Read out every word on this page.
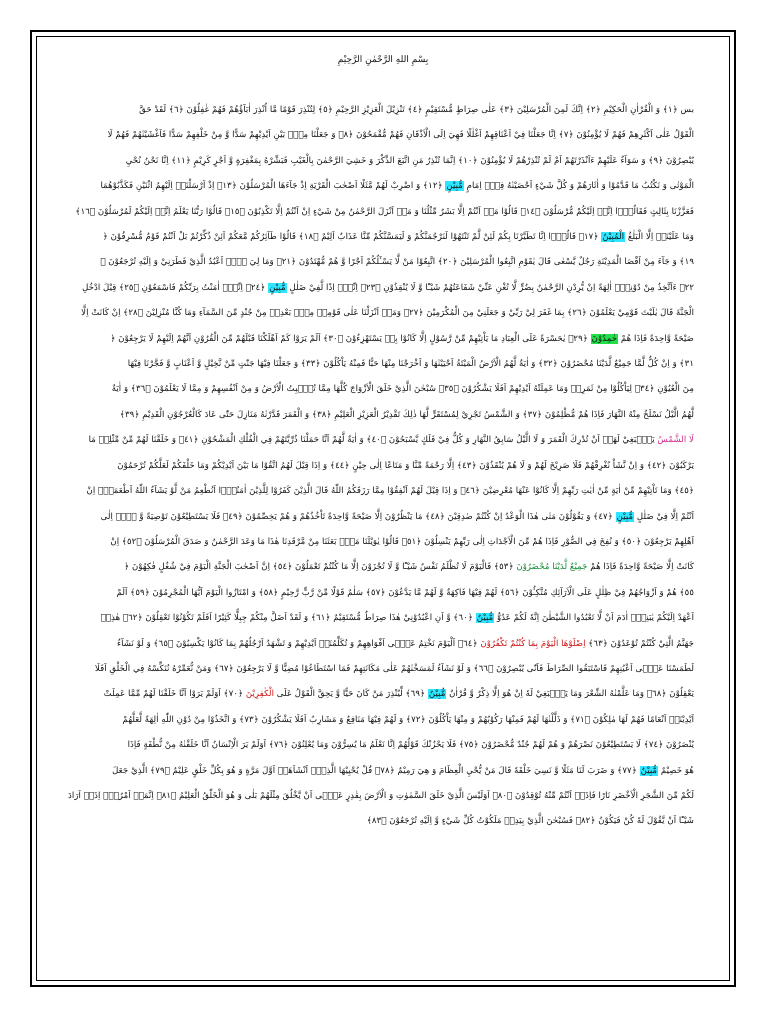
بِسْمِ اللهِ الرَّحْمٰنِ الرَّحِيْمِ
بس ﴿١﴾ وَ الْقُرْاٰنِ الْحَكِيْمِ ﴿٢﴾ اِنَّكَ لَمِنَ الْمُرْسَلِيْنَ ﴿٣﴾ عَلٰى صِرَاطٍ مُّسْتَقِيْمٍ ﴿٤﴾ تَنْزِيْلَ الْعَزِيْزِ الرَّحِيْمِ ﴿٥﴾ لِتُنْذِرَ قَوْمًا مَّا اُنْذِرَ اٰبَآؤُهُمْ فَهُمْ غٰفِلُوْنَ ﴿٦﴾ لَقَدْ حَقَّ
الْقَوْلُ عَلٰى اَكْثَرِهِمْ فَهُمْ لَا يُؤْمِنُوْنَ ﴿٧﴾ اِنَّا جَعَلْنَا فِيْ اَعْنَاقِهِمْ اَغْلٰلًا فَهِيَ اِلَى الْاَذْقَانِ فَهُمْ مُّقْمَحُوْنَ ﴿٨﴾ وَ جَعَلْنَا مِنْۢ بَيْنِ اَيْدِيْهِمْ سَدًّا وَّ مِنْ خَلْفِهِمْ سَدًّا فَاَغْشَيْنٰهُمْ فَهُمْ لَا
يُبْصِرُوْنَ ﴿٩﴾ وَ سَوَآءٌ عَلَيْهِمْ ءَاَنْذَرْتَهُمْ اَمْ لَمْ تُنْذِرْهُمْ لَا يُؤْمِنُوْنَ ﴿١٠﴾ اِنَّمَا تُنْذِرُ مَنِ اتَّبَعَ الذِّكْرَ وَ خَشِيَ الرَّحْمٰنَ بِالْغَيْبِ فَبَشِّرْهُ بِمَغْفِرَةٍ وَّ اَجْرٍ كَرِيْمٍ ﴿١١﴾ اِنَّا نَحْنُ نُحْيِ
الْمَوْتٰى وَ نَكْتُبُ مَا قَدَّمُوْا وَ اٰثَارَهُمْ وَ كُلَّ شَيْءٍ اَحْصَيْنٰهُ فِيْۤ اِمَامٍ مُّبِيْنٍ ﴿١٢﴾ وَ اضْرِبْ لَهُمْ مَّثَلًا اَصْحٰبَ الْقَرْيَةِ اِذْ جَآءَهَا الْمُرْسَلُوْنَ ﴿١٣﴾ اِذْ اَرْسَلْنَاۤ اِلَيْهِمُ اثْنَيْنِ فَكَذَّبُوْهُمَا
فَعَزَّزْنَا بِثَالِثٍ فَقَالُوْۤا اِنَّاۤ اِلَيْكُمْ مُّرْسَلُوْنَ ﴿١٤﴾ قَالُوْا مَاۤ اَنْتُمْ اِلَّا بَشَرٌ مِّثْلُنَا وَ مَاۤ اَنْزَلَ الرَّحْمٰنُ مِنْ شَيْءٍ اِنْ اَنْتُمْ اِلَّا تَكْذِبُوْنَ ﴿١٥﴾ قَالُوْا رَبُّنَا يَعْلَمُ اِنَّاۤ اِلَيْكُمْ لَمُرْسَلُوْنَ ﴿١٦﴾
وَمَا عَلَيْنَاۤ اِلَّا الْبَلٰغُ الْمُبِيْنُ ﴿١٧﴾ قَالُوْۤا اِنَّا تَطَيَّرْنَا بِكُمْ لَئِنْ لَّمْ تَنْتَهُوْا لَنَرْجُمَنَّكُمْ وَ لَيَمَسَّنَّكُمْ مِّنَّا عَذَابٌ اَلِيْمٌ ﴿١٨﴾ قَالُوْا طَآئِرُكُمْ مَّعَكُمْ اَئِنْ ذُكِّرْتُمْ بَلْ اَنْتُمْ قَوْمٌ مُّسْرِفُوْنَ ﴿
١٩﴾ وَ جَآءَ مِنْ اَقْصَا الْمَدِيْنَةِ رَجُلٌ يَّسْعٰى قَالَ يٰقَوْمِ اتَّبِعُوا الْمُرْسَلِيْنَ ﴿٢٠﴾ اتَّبِعُوْا مَنْ لَّا يَسْـَٔلُكُمْ اَجْرًا وَّ هُمْ مُّهْتَدُوْنَ ﴿٢١﴾ وَمَا لِيَ لَاۤ اَعْبُدُ الَّذِيْ فَطَرَنِيْ وَ اِلَيْهِ تُرْجَعُوْنَ ﴿
٢٢﴾ ءَاَتَّخِذُ مِنْ دُوْنِهٖۤ اٰلِهَةً اِنْ يُّرِدْنِ الرَّحْمٰنُ بِضُرٍّ لَّا تُغْنِ عَنِّيْ شَفَاعَتُهُمْ شَيْـًٔا وَّ لَا يُنْقِذُوْنِ ﴿٢٣﴾ اِنِّيْۤ اِذًا لَّفِيْ ضَلٰلٍ مُّبِيْنٍ ﴿٢٤﴾ اِنِّيْۤ اٰمَنْتُ بِرَبِّكُمْ فَاسْمَعُوْنِ ﴿٢٥﴾ قِيْلَ ادْخُلِ
الْجَنَّةَ قَالَ يٰلَيْتَ قَوْمِيْ يَعْلَمُوْنَ ﴿٢٦﴾ بِمَا غَفَرَ لِيْ رَبِّيْ وَ جَعَلَنِيْ مِنَ الْمُكْرَمِيْنَ ﴿٢٧﴾ وَمَاۤ اَنْزَلْنَا عَلٰى قَوْمِهٖ مِنْۢ بَعْدِهٖ مِنْ جُنْدٍ مِّنَ السَّمَآءِ وَمَا كُنَّا مُنْزِلِيْنَ ﴿٢٨﴾ اِنْ كَانَتْ اِلَّا
صَيْحَةً وَّاحِدَةً فَاِذَا هُمْ خٰمِدُوْنَ ﴿٢٩﴾ يٰحَسْرَةً عَلَى الْعِبَادِ مَا يَاْتِيْهِمْ مِّنْ رَّسُوْلٍ اِلَّا كَانُوْا بِهٖ يَسْتَهْزِءُوْنَ ﴿٣٠﴾ اَلَمْ يَرَوْا كَمْ اَهْلَكْنَا قَبْلَهُمْ مِّنَ الْقُرُوْنِ اَنَّهُمْ اِلَيْهِمْ لَا يَرْجِعُوْنَ ﴿
٣١﴾ وَ اِنْ كُلٌّ لَّمَّا جَمِيْعٌ لَّدَيْنَا مُحْضَرُوْنَ ﴿٣٢﴾ وَ اٰيَةٌ لَّهُمُ الْاَرْضُ الْمَيْتَةُ اَحْيَيْنٰهَا وَ اَخْرَجْنَا مِنْهَا حَبًّا فَمِنْهُ يَاْكُلُوْنَ ﴿٣٣﴾ وَ جَعَلْنَا فِيْهَا جَنّٰتٍ مِّنْ نَّخِيْلٍ وَّ اَعْنَابٍ وَّ فَجَّرْنَا فِيْهَا
مِنَ الْعُيُوْنِ ﴿٣٤﴾ لِيَاْكُلُوْا مِنْ ثَمَرِهٖ وَمَا عَمِلَتْهُ اَيْدِيْهِمْ اَفَلَا يَشْكُرُوْنَ ﴿٣٥﴾ سُبْحٰنَ الَّذِيْ خَلَقَ الْاَزْوَاجَ كُلَّهَا مِمَّا تُنْۢبِتُ الْاَرْضُ وَ مِنْ اَنْفُسِهِمْ وَ مِمَّا لَا يَعْلَمُوْنَ ﴿٣٦﴾ وَ اٰيَةٌ
لَّهُمُ الَّيْلُ نَسْلَخُ مِنْهُ النَّهَارَ فَاِذَا هُمْ مُّظْلِمُوْنَ ﴿٣٧﴾ وَ الشَّمْسُ تَجْرِيْ لِمُسْتَقَرٍّ لَّهَا ذٰلِكَ تَقْدِيْرُ الْعَزِيْزِ الْعَلِيْمِ ﴿٣٨﴾ وَ الْقَمَرَ قَدَّرْنٰهُ مَنَازِلَ حَتّٰى عَادَ كَالْعُرْجُوْنِ الْقَدِيْمِ ﴿٣٩﴾
لَا الشَّمْسُ يَنْۢبَغِيْ لَهَاۤ اَنْ تُدْرِكَ الْقَمَرَ وَ لَا الَّيْلُ سَابِقُ النَّهَارِ وَ كُلٌّ فِيْ فَلَكٍ يَّسْبَحُوْنَ ﴿٤٠﴾ وَ اٰيَةٌ لَّهُمْ اَنَّا حَمَلْنَا ذُرِّيَّتَهُمْ فِي الْفُلْكِ الْمَشْحُوْنِ ﴿٤١﴾ وَ خَلَقْنَا لَهُمْ مِّنْ مِّثْلِهٖ مَا
يَرْكَبُوْنَ ﴿٤٢﴾ وَ اِنْ نَّشَاْ نُغْرِقْهُمْ فَلَا صَرِيْخَ لَهُمْ وَ لَا هُمْ يُنْقَذُوْنَ ﴿٤٣﴾ اِلَّا رَحْمَةً مِّنَّا وَ مَتَاعًا اِلٰى حِيْنٍ ﴿٤٤﴾ وَ اِذَا قِيْلَ لَهُمُ اتَّقُوْا مَا بَيْنَ اَيْدِيْكُمْ وَمَا خَلْفَكُمْ لَعَلَّكُمْ تُرْحَمُوْنَ
﴿٤٥﴾ وَمَا تَاْتِيْهِمْ مِّنْ اٰيَةٍ مِّنْ اٰيٰتِ رَبِّهِمْ اِلَّا كَانُوْا عَنْهَا مُعْرِضِيْنَ ﴿٤٦﴾ وَ اِذَا قِيْلَ لَهُمْ اَنْفِقُوْا مِمَّا رَزَقَكُمُ اللّٰهُ قَالَ الَّذِيْنَ كَفَرُوْا لِلَّذِيْنَ اٰمَنُوْۤا اَنُطْعِمُ مَنْ لَّوْ يَشَآءُ اللّٰهُ اَطْعَمَهٗۤ اِنْ
اَنْتُمْ اِلَّا فِيْ ضَلٰلٍ مُّبِيْنٍ ﴿٤٧﴾ وَ يَقُوْلُوْنَ مَتٰى هٰذَا الْوَعْدُ اِنْ كُنْتُمْ صٰدِقِيْنَ ﴿٤٨﴾ مَا يَنْظُرُوْنَ اِلَّا صَيْحَةً وَّاحِدَةً تَاْخُذُهُمْ وَ هُمْ يَخِصِّمُوْنَ ﴿٤٩﴾ فَلَا يَسْتَطِيْعُوْنَ تَوْصِيَةً وَّ لَاۤ اِلٰى
اَهْلِهِمْ يَرْجِعُوْنَ ﴿٥٠﴾ وَ نُفِخَ فِي الصُّوْرِ فَاِذَا هُمْ مِّنَ الْاَجْدَاثِ اِلٰى رَبِّهِمْ يَنْسِلُوْنَ ﴿٥١﴾ قَالُوْا يٰوَيْلَنَا مَنْۢ بَعَثَنَا مِنْ مَّرْقَدِنَا هٰذَا مَا وَعَدَ الرَّحْمٰنُ وَ صَدَقَ الْمُرْسَلُوْنَ ﴿٥٢﴾ اِنْ
كَانَتْ اِلَّا صَيْحَةً وَّاحِدَةً فَاِذَا هُمْ جَمِيْعٌ لَّدَيْنَا مُحْضَرُوْنَ ﴿٥٣﴾ فَالْيَوْمَ لَا تُظْلَمُ نَفْسٌ شَيْـًٔا وَّ لَا تُجْزَوْنَ اِلَّا مَا كُنْتُمْ تَعْمَلُوْنَ ﴿٥٤﴾ اِنَّ اَصْحٰبَ الْجَنَّةِ الْيَوْمَ فِيْ شُغُلٍ فٰكِهُوْنَ ﴿
٥٥﴾ هُمْ وَ اَزْوَاجُهُمْ فِيْ ظِلٰلٍ عَلَى الْاَرَآئِكِ مُتَّكِـُٔوْنَ ﴿٥٦﴾ لَهُمْ فِيْهَا فَاكِهَةٌ وَّ لَهُمْ مَّا يَدَّعُوْنَ ﴿٥٧﴾ سَلٰمٌ قَوْلًا مِّنْ رَّبٍّ رَّحِيْمٍ ﴿٥٨﴾ وَ امْتَازُوا الْيَوْمَ اَيُّهَا الْمُجْرِمُوْنَ ﴿٥٩﴾ اَلَمْ
اَعْهَدْ اِلَيْكُمْ يٰبَنِيْۤ اٰدَمَ اَنْ لَّا تَعْبُدُوا الشَّيْطٰنَ اِنَّهٗ لَكُمْ عَدُوٌّ مُّبِيْنٌ ﴿٦٠﴾ وَّ اَنِ اعْبُدُوْنِيْ هٰذَا صِرَاطٌ مُّسْتَقِيْمٌ ﴿٦١﴾ وَ لَقَدْ اَضَلَّ مِنْكُمْ جِبِلًّا كَثِيْرًا اَفَلَمْ تَكُوْنُوْا تَعْقِلُوْنَ ﴿٦٢﴾ هٰذِهٖ
جَهَنَّمُ الَّتِيْ كُنْتُمْ تُوْعَدُوْنَ ﴿٦٣﴾ اِصْلَوْهَا الْيَوْمَ بِمَا كُنْتُمْ تَكْفُرُوْنَ ﴿٦٤﴾ اَلْيَوْمَ نَخْتِمُ عَلٰۤى اَفْوَاهِهِمْ وَ تُكَلِّمُنَاۤ اَيْدِيْهِمْ وَ تَشْهَدُ اَرْجُلُهُمْ بِمَا كَانُوْا يَكْسِبُوْنَ ﴿٦٥﴾ وَ لَوْ نَشَآءُ
لَطَمَسْنَا عَلٰۤى اَعْيُنِهِمْ فَاسْتَبَقُوا الصِّرَاطَ فَاَنّٰى يُبْصِرُوْنَ ﴿٦٦﴾ وَ لَوْ نَشَآءُ لَمَسَخْنٰهُمْ عَلٰى مَكَانَتِهِمْ فَمَا اسْتَطَاعُوْا مُضِيًّا وَّ لَا يَرْجِعُوْنَ ﴿٦٧﴾ وَمَنْ نُّعَمِّرْهُ نُنَكِّسْهُ فِي الْخَلْقِ اَفَلَا
يَعْقِلُوْنَ ﴿٦٨﴾ وَمَا عَلَّمْنٰهُ الشِّعْرَ وَمَا يَنْۢبَغِيْ لَهٗ اِنْ هُوَ اِلَّا ذِكْرٌ وَّ قُرْاٰنٌ مُّبِيْنٌ ﴿٦٩﴾ لِّيُنْذِرَ مَنْ كَانَ حَيًّا وَّ يَحِقَّ الْقَوْلُ عَلَى الْكٰفِرِيْنَ ﴿٧٠﴾ اَوَلَمْ يَرَوْا اَنَّا خَلَقْنَا لَهُمْ مِّمَّا عَمِلَتْ
اَيْدِيْنَاۤ اَنْعَامًا فَهُمْ لَهَا مٰلِكُوْنَ ﴿٧١﴾ وَ ذَلَّلْنٰهَا لَهُمْ فَمِنْهَا رَكُوْبُهُمْ وَ مِنْهَا يَاْكُلُوْنَ ﴿٧٢﴾ وَ لَهُمْ فِيْهَا مَنَافِعُ وَ مَشَارِبُ اَفَلَا يَشْكُرُوْنَ ﴿٧٣﴾ وَ اتَّخَذُوْا مِنْ دُوْنِ اللّٰهِ اٰلِهَةً لَّعَلَّهُمْ
يُنْصَرُوْنَ ﴿٧٤﴾ لَا يَسْتَطِيْعُوْنَ نَصْرَهُمْ وَ هُمْ لَهُمْ جُنْدٌ مُّحْضَرُوْنَ ﴿٧٥﴾ فَلَا يَحْزُنْكَ قَوْلُهُمْ اِنَّا نَعْلَمُ مَا يُسِرُّوْنَ وَمَا يُعْلِنُوْنَ ﴿٧٦﴾ اَوَلَمْ يَرَ الْاِنْسَانُ اَنَّا خَلَقْنٰهُ مِنْ نُّطْفَةٍ فَاِذَا
هُوَ خَصِيْمٌ مُّبِيْنٌ ﴿٧٧﴾ وَ ضَرَبَ لَنَا مَثَلًا وَّ نَسِيَ خَلْقَهٗ قَالَ مَنْ يُّحْيِ الْعِظَامَ وَ هِيَ رَمِيْمٌ ﴿٧٨﴾ قُلْ يُحْيِيْهَا الَّذِيْۤ اَنْشَاَهَاۤ اَوَّلَ مَرَّةٍ وَ هُوَ بِكُلِّ خَلْقٍ عَلِيْمٌ ﴿٧٩﴾ الَّذِيْ جَعَلَ
لَكُمْ مِّنَ الشَّجَرِ الْاَخْضَرِ نَارًا فَاِذَاۤ اَنْتُمْ مِّنْهُ تُوْقِدُوْنَ ﴿٨٠﴾ اَوَلَيْسَ الَّذِيْ خَلَقَ السَّمٰوٰتِ وَ الْاَرْضَ بِقٰدِرٍ عَلٰۤى اَنْ يَّخْلُقَ مِثْلَهُمْ بَلٰى وَ هُوَ الْخَلّٰقُ الْعَلِيْمُ ﴿٨١﴾ اِنَّمَاۤ اَمْرُهٗۤ اِذَاۤ اَرَادَ
شَيْـًٔا اَنْ يَّقُوْلَ لَهٗ كُنْ فَيَكُوْنُ ﴿٨٢﴾ فَسُبْحٰنَ الَّذِيْ بِيَدِهٖ مَلَكُوْتُ كُلِّ شَيْءٍ وَّ اِلَيْهِ تُرْجَعُوْنَ ﴿٨٣﴾
